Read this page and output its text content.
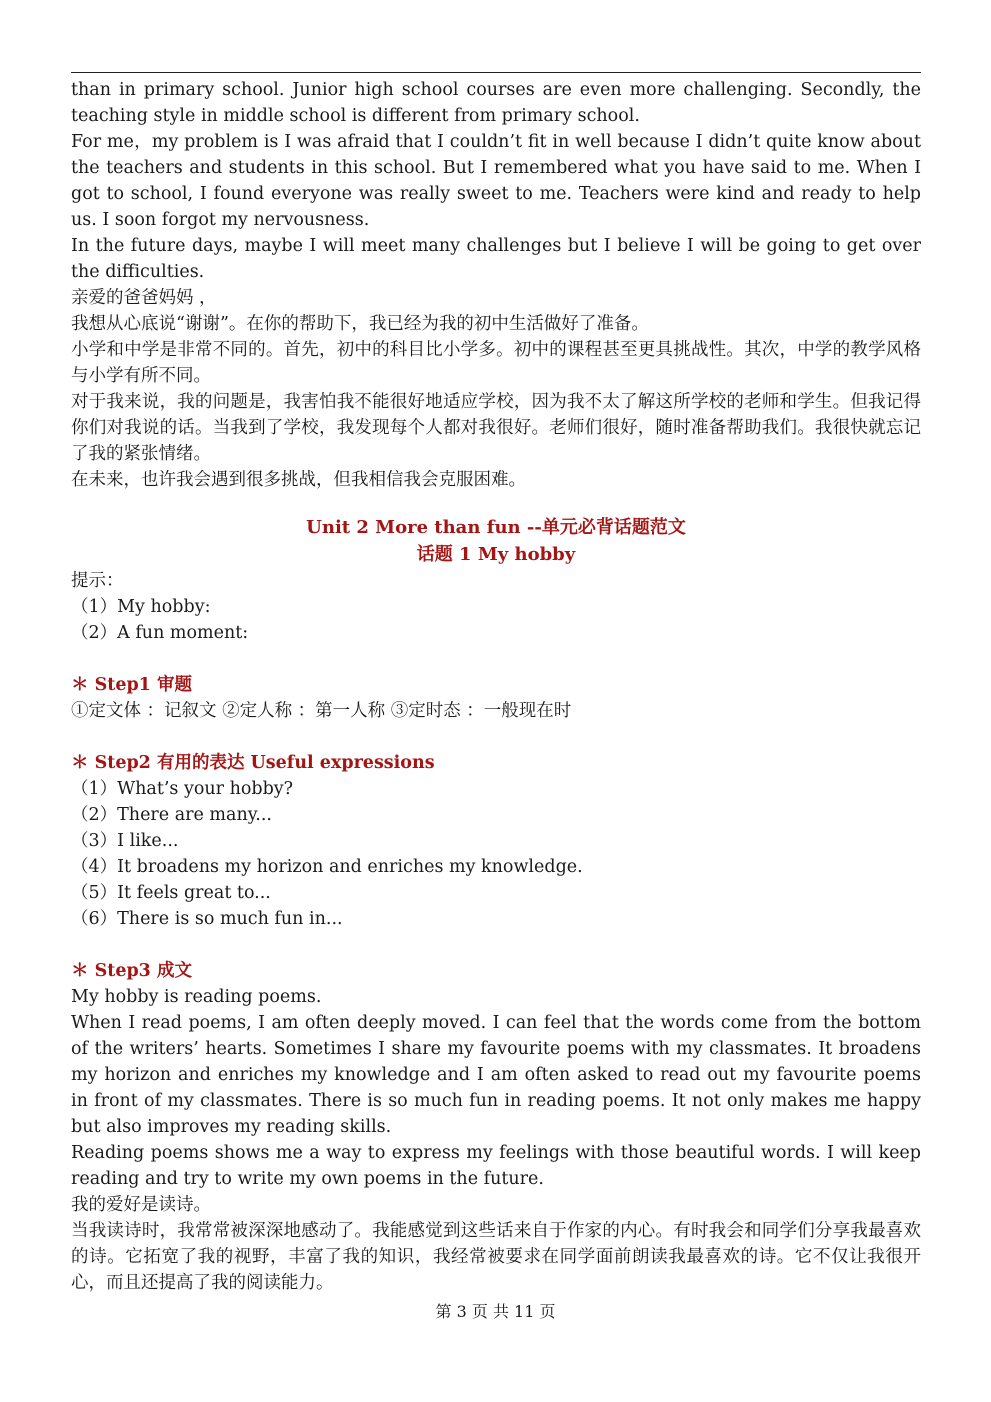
than in primary school. Junior high school courses are even more challenging. Secondly, the teaching style in middle school is different from primary school.

For me，my problem is I was afraid that I couldn’t fit in well because I didn’t quite know about the teachers and students in this school. But I remembered what you have said to me. When I got to school, I found everyone was really sweet to me. Teachers were kind and ready to help us. I soon forgot my nervousness.

In the future days, maybe I will meet many challenges but I believe I will be going to get over the difficulties.

亲爱的爸爸妈妈 ，

我想从心底说“谢谢”。在你的帮助下，我已经为我的初中生活做好了准备。

小学和中学是非常不同的。首先，初中的科目比小学多。初中的课程甚至更具挑战性。其次，中学的教学风格与小学有所不同。

对于我来说，我的问题是，我害怕我不能很好地适应学校，因为我不太了解这所学校的老师和学生。但我记得你们对我说的话。当我到了学校，我发现每个人都对我很好。老师们很好，随时准备帮助我们。我很快就忘记了我的紧张情绪。

在未来，也许我会遇到很多挑战，但我相信我会克服困难。

Unit 2 More than fun --单元必背话题范文
话题 1 My hobby

提示：

（1）My hobby:

（2）A fun moment:

＊ Step1 审题

①定文体 ：记叙文 ②定人称 ：第一人称 ③定时态 ：一般现在时

＊ Step2 有用的表达 Useful expressions

（1）What’s your hobby?

（2）There are many...

（3）I like...

（4）It broadens my horizon and enriches my knowledge.

（5）It feels great to...

（6）There is so much fun in...

＊ Step3 成文

My hobby is reading poems.

When I read poems, I am often deeply moved. I can feel that the words come from the bottom of the writers’ hearts. Sometimes I share my favourite poems with my classmates. It broadens my horizon and enriches my knowledge and I am often asked to read out my favourite poems in front of my classmates. There is so much fun in reading poems. It not only makes me happy but also improves my reading skills.

Reading poems shows me a way to express my feelings with those beautiful words. I will keep reading and try to write my own poems in the future.

我的爱好是读诗。

当我读诗时，我常常被深深地感动了。我能感觉到这些话来自于作家的内心。有时我会和同学们分享我最喜欢的诗。它拓宽了我的视野，丰富了我的知识，我经常被要求在同学面前朗读我最喜欢的诗。它不仅让我很开心，而且还提高了我的阅读能力。

第 3 页 共 11 页
